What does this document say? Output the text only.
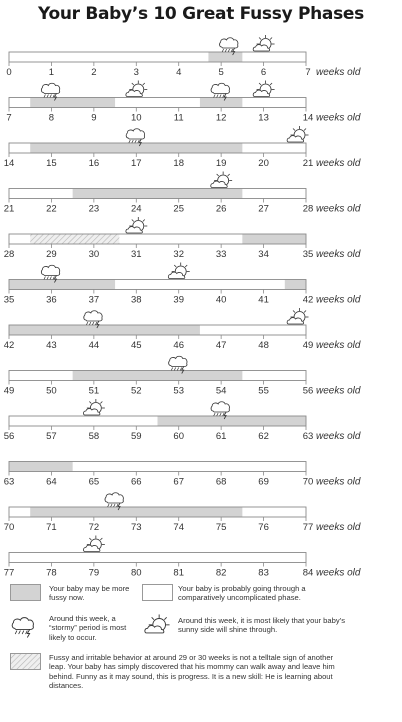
Your Baby’s 10 Great Fussy Phases
0	1	2	3	4	5	6	7 weeks old
7	8	9	10	11	12	13	14 weeks old
14	15	16	17	18	19	20	21 weeks old
21	22	23	24	25	26	27	28 weeks old
28	29	30	31	32	33	34	35 weeks old
35	36	37	38	39	40	41	42 weeks old
42	43	44	45	46	47	48	49 weeks old
49	50	51	52	53	54	55	56 weeks old
56	57	58	59	60	61	62	63 weeks old
63	64	65	66	67	68	69	70 weeks old
70	71	72	73	74	75	76	77 weeks old
77	78	79	80	81	82	83	84 weeks old
Your baby may be more fussy now.
Your baby is probably going through a comparatively uncomplicated phase.
Around this week, a “stormy” period is most likely to occur.
Around this week, it is most likely that your baby’s sunny side will shine through.
Fussy and irritable behavior at around 29 or 30 weeks is not a telltale sign of another leap. Your baby has simply discovered that his mommy can walk away and leave him behind. Funny as it may sound, this is progress. It is a new skill: He is learning about distances.
